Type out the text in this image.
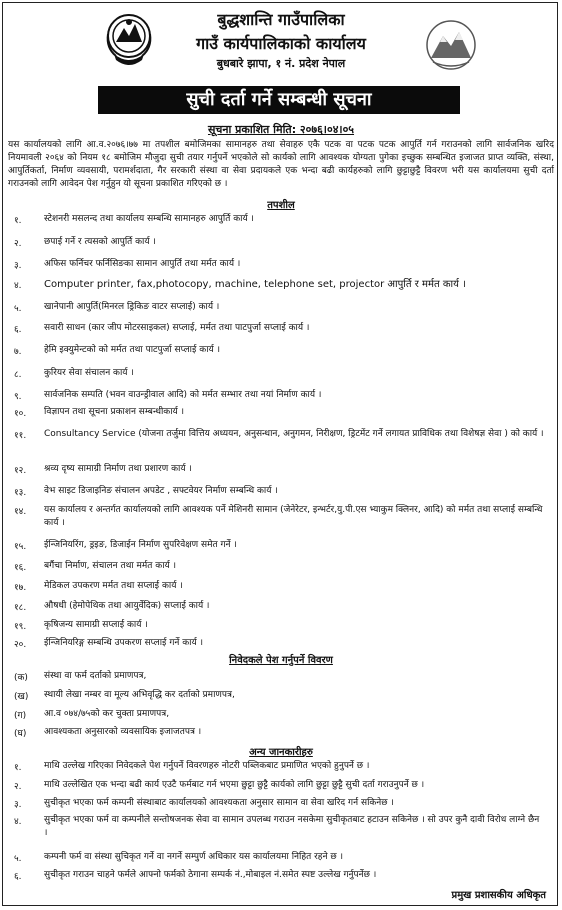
बुद्धशान्ति गाउँपालिका
गाउँ कार्यपालिकाको कार्यालय
बुधबारे झापा, १ नं. प्रदेश नेपाल
सुची दर्ता गर्ने सम्बन्धी सूचना
सूचना प्रकाशित मिति: २०७६।०४।०५
यस कार्यालयको लागि आ.व.२०७६।७७ मा तपशील बमोजिमका सामानहरु तथा सेवाहरु एकै पटक वा पटक पटक आपुर्ति गर्न गराउनको लागि सार्वजनिक खरिद नियमावली २०६४ को नियम १८ बमोजिम मौजुदा सुची तयार गर्नुपर्ने भएकोले सो कार्यको लागि आवश्यक योग्यता पुगेका इच्छुक सम्बन्धित इजाजत प्राप्त व्यक्ति, संस्था, आपुर्तिकर्ता, निर्माण व्यवसायी, परामर्शदाता, गैर सरकारी संस्था वा सेवा प्रदायकले एक भन्दा बढी कार्यहरुको लागि छुट्टाछुट्टै विवरण भरी यस कार्यालयमा सुची दर्ता गराउनको लागि आवेदन पेश गर्नुहुन यो सूचना प्रकाशित गरिएको छ ।
तपशील
१. स्टेशनरी मसलन्द तथा कार्यालय सम्बन्धि सामानहरु आपुर्ति कार्य ।
२. छपाई गर्ने र त्यसको आपुर्ति कार्य ।
३. अफिस फर्निचर फर्निसिङका सामान आपुर्ति तथा मर्मत कार्य ।
४. Computer printer, fax,photocopy, machine, telephone set, projector आपुर्ति र मर्मत कार्य ।
५. खानेपानी आपुर्ति(मिनरल ड्रिकिङ वाटर सप्लाई) कार्य ।
६. सवारी साधन (कार जीप मोटरसाइकल) सप्लाई, मर्मत तथा पाटपुर्जा सप्लाई कार्य ।
७. हेमि इक्युमेन्टको को मर्मत तथा पाटपुर्जा सप्लाई कार्य ।
८. कुरियर सेवा संचालन कार्य ।
९. सार्वजनिक सम्पति (भवन वाउन्ड्रीवाल आदि) को मर्मत सम्भार तथा नयां निर्माण कार्य ।
१०. विज्ञापन तथा सूचना प्रकाशन सम्बन्धीकार्य ।
११. Consultancy Service (योजना तर्जुमा वित्तिय अध्ययन, अनुसन्धान, अनुगमन, निरीक्षण, ड्रिटमेंट गर्ने लगायत प्राविधिक तथा विशेषज्ञ सेवा ) को कार्य ।
१२. श्रव्य दृष्य सामाग्री निर्माण तथा प्रशारण कार्य ।
१३. वेभ साइट डिजाइनिङ संचालन अपडेट , सफ्टवेयर निर्माण सम्बन्धि कार्य ।
१४. यस कार्यालय र अन्तर्गत कार्यालयको लागि आवश्यक पर्ने मेशिनरी सामान (जेनेरेटर, इन्भर्टर,यु.पी.एस भ्याकुम क्लिनर, आदि) को मर्मत तथा सप्लाई सम्बन्धि कार्य ।
१५. ईन्जिनियरिंग, ड्रइङ, डिजाईन निर्माण सुपरिवेक्षण समेत गर्ने ।
१६. बगैंचा निर्माण, संचालन तथा मर्मत कार्य ।
१७. मेडिकल उपकरण मर्मत तथा सप्लाई कार्य ।
१८. औषधी (हेमोपेथिक तथा आयुर्वेदिक) सप्लाई कार्य ।
१९. कृषिजन्य सामाग्री सप्लाई कार्य ।
२०. ईन्जिनियरिङ्ग सम्बन्धि उपकरण सप्लाई गर्ने कार्य ।
निवेदकले पेश गर्नुपर्ने विवरण
(क) संस्था वा फर्म दर्ताको प्रमाणपत्र,
(ख) स्थायी लेखा नम्बर वा मूल्य अभिवृद्धि कर दर्ताको प्रमाणपत्र,
(ग) आ.व ०७४/७५को कर चुक्ता प्रमाणपत्र,
(घ) आवश्यकता अनुसारको व्यवसायिक इजाजतपत्र ।
अन्य जानकारीहरु
१. माथि उल्लेख गरिएका निवेदकले पेश गर्नुपर्ने विवरणहरु नोटरी पब्लिकबाट प्रमाणित भएको हुनुपर्ने छ ।
२. माथि उल्लेखित एक भन्दा बढी कार्य एउटै फर्मबाट गर्न भएमा छुट्टा छुट्टै कार्यको लागि छुट्टा छुट्टै सुची दर्ता गराउनुपर्ने छ ।
३. सुचीकृत भएका फर्म कम्पनी संस्थाबाट कार्यालयको आवश्यकता अनुसार सामान वा सेवा खरिद गर्न सकिनेछ ।
४. सुचीकृत भएका फर्म वा कम्पनीले सन्तोषजनक सेवा वा सामान उपलब्ध गराउन नसकेमा सुचीकृतबाट हटाउन सकिनेछ । सो उपर कुनै दावी विरोध लाग्ने छैन ।
५. कम्पनी फर्म वा संस्था सुचिकृत गर्ने वा नगर्ने सम्पुर्ण अधिकार यस कार्यालयमा निहित रहने छ ।
६. सुचीकृत गराउन चाहने फर्मले आफ्नो फर्मको ठेगाना सम्पर्क नं.,मोबाइल नं.समेत स्पष्ट उल्लेख गर्नुपर्नेछ ।
प्रमुख प्रशासकीय अधिकृत
